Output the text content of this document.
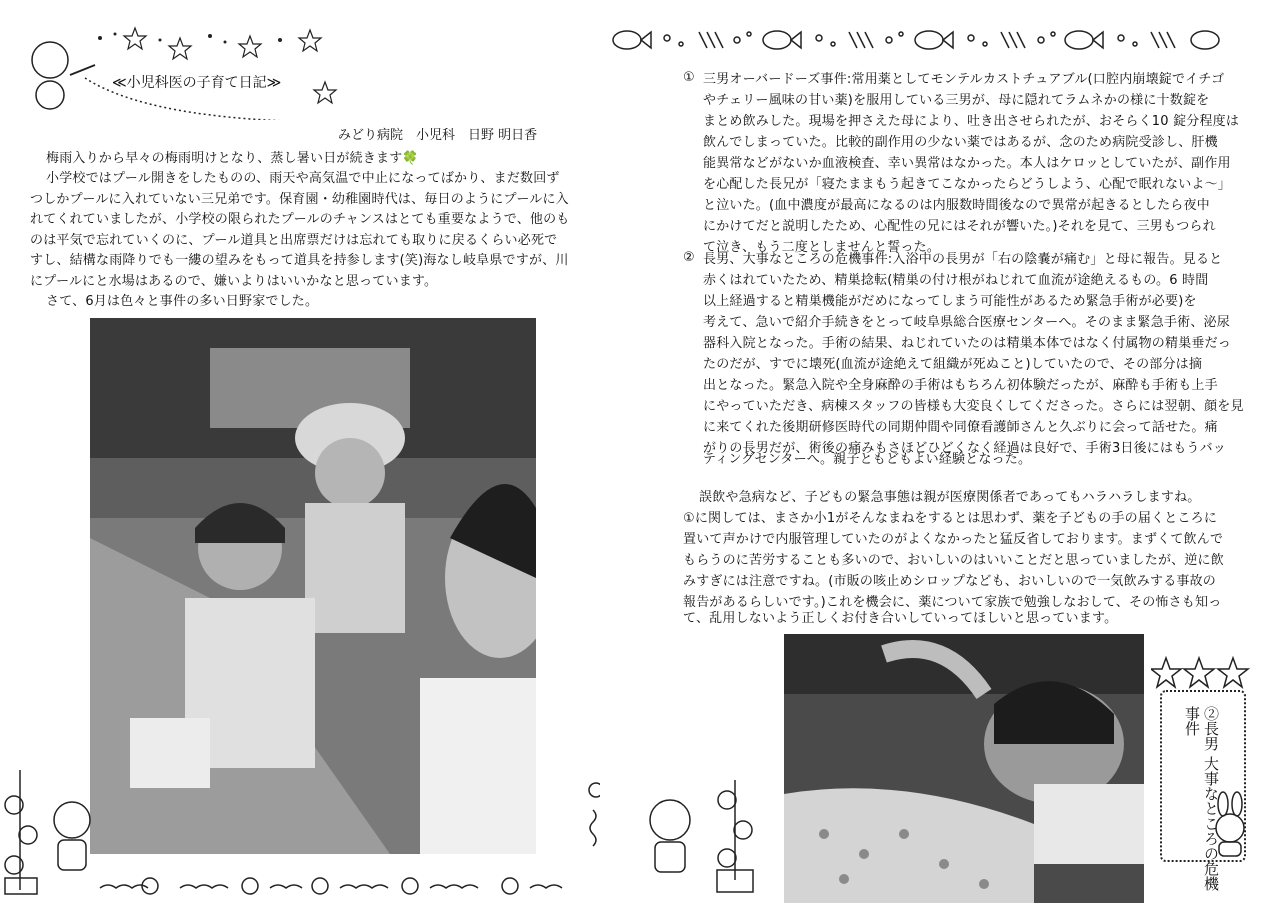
≪小児科医の子育て日記≫
みどり病院　小児科　日野 明日香

梅雨入りから早々の梅雨明けとなり、蒸し暑い日が続きます🍀

小学校ではプール開きをしたものの、雨天や高気温で中止になってばかり、まだ数回ず

つしかプールに入れていない三兄弟です。保育園・幼稚園時代は、毎日のようにプールに入

れてくれていましたが、小学校の限られたプールのチャンスはとても重要なようで、他のも

のは平気で忘れていくのに、プール道具と出席票だけは忘れても取りに戻るくらい必死で

すし、結構な雨降りでも一縷の望みをもって道具を持参します(笑)海なし岐阜県ですが、川

にプールにと水場はあるので、嫌いよりはいいかなと思っています。

さて、6月は色々と事件の多い日野家でした。

① 三男オーバードーズ事件:常用薬としてモンテルカストチュアブル(口腔内崩壊錠でイチゴ

やチェリー風味の甘い薬)を服用している三男が、母に隠れてラムネかの様に十数錠を

まとめ飲みした。現場を押さえた母により、吐き出させられたが、おそらく10 錠分程度は

飲んでしまっていた。比較的副作用の少ない薬ではあるが、念のため病院受診し、肝機

能異常などがないか血液検査、幸い異常はなかった。本人はケロッとしていたが、副作用

を心配した長兄が「寝たままもう起きてこなかったらどうしよう、心配で眠れないよ～」

と泣いた。(血中濃度が最高になるのは内服数時間後なので異常が起きるとしたら夜中

にかけてだと説明したため、心配性の兄にはそれが響いた。)それを見て、三男もつられ

て泣き、もう二度としませんと誓った。

② 長男、大事なところの危機事件:入浴中の長男が「右の陰嚢が痛む」と母に報告。見ると

赤くはれていたため、精巣捻転(精巣の付け根がねじれて血流が途絶えるもの。6 時間

以上経過すると精巣機能がだめになってしまう可能性があるため緊急手術が必要)を

考えて、急いで紹介手続きをとって岐阜県総合医療センターへ。そのまま緊急手術、泌尿

器科入院となった。手術の結果、ねじれていたのは精巣本体ではなく付属物の精巣垂だっ

たのだが、すでに壊死(血流が途絶えて組織が死ぬこと)していたので、その部分は摘

出となった。緊急入院や全身麻酔の手術はもちろん初体験だったが、麻酔も手術も上手

にやっていただき、病棟スタッフの皆様も大変良くしてくださった。さらには翌朝、顔を見

に来てくれた後期研修医時代の同期仲間や同僚看護師さんと久ぶりに会って話せた。痛

がりの長男だが、術後の痛みもさほどひどくなく経過は良好で、手術3日後にはもうバッ

ティングセンターへ。親子ともどもよい経験となった。

誤飲や急病など、子どもの緊急事態は親が医療関係者であってもハラハラしますね。

①に関しては、まさか小1がそんなまねをするとは思わず、薬を子どもの手の届くところに

置いて声かけで内服管理していたのがよくなかったと猛反省しております。まずくて飲んで

もらうのに苦労することも多いので、おいしいのはいいことだと思っていましたが、逆に飲

みすぎには注意ですね。(市販の咳止めシロップなども、おいしいので一気飲みする事故の

報告があるらしいです。)これを機会に、薬について家族で勉強しなおして、その怖さも知っ

て、乱用しないよう正しくお付き合いしていってほしいと思っています。

②長男 大事なところの危機事件
